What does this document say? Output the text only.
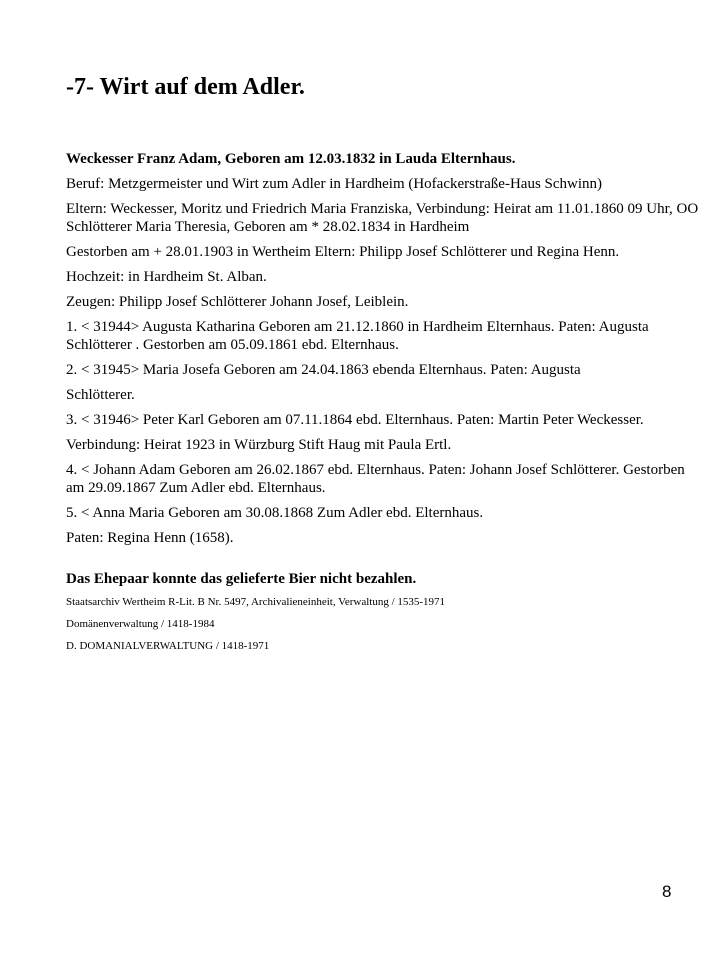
-7- Wirt auf dem Adler.

Weckesser Franz Adam, Geboren am 12.03.1832 in Lauda Elternhaus.

Beruf: Metzgermeister und Wirt zum Adler in Hardheim (Hofackerstraße-Haus Schwinn)

Eltern: Weckesser, Moritz und Friedrich Maria Franziska, Verbindung: Heirat am 11.01.1860 09 Uhr, OO Schlötterer Maria Theresia, Geboren am * 28.02.1834 in Hardheim

Gestorben am + 28.01.1903 in Wertheim Eltern: Philipp Josef Schlötterer und Regina Henn.

Hochzeit: in Hardheim St. Alban.

Zeugen: Philipp Josef Schlötterer Johann Josef, Leiblein.

1. < 31944> Augusta Katharina Geboren am 21.12.1860 in Hardheim Elternhaus. Paten: Augusta Schlötterer . Gestorben am 05.09.1861 ebd. Elternhaus.

2. < 31945> Maria Josefa Geboren am 24.04.1863 ebenda Elternhaus. Paten: Augusta

Schlötterer.

3. < 31946> Peter Karl Geboren am 07.11.1864 ebd. Elternhaus. Paten: Martin Peter Weckesser.

Verbindung: Heirat 1923 in Würzburg Stift Haug mit Paula Ertl.

4. < Johann Adam Geboren am 26.02.1867 ebd. Elternhaus. Paten: Johann Josef Schlötterer. Gestorben am 29.09.1867 Zum Adler ebd. Elternhaus.

5. < Anna Maria Geboren am 30.08.1868 Zum Adler ebd. Elternhaus.

Paten: Regina Henn (1658).

Das Ehepaar konnte das gelieferte Bier nicht bezahlen.

Staatsarchiv Wertheim R-Lit. B Nr. 5497, Archivalieneinheit, Verwaltung / 1535-1971

Domänenverwaltung / 1418-1984

D. DOMANIALVERWALTUNG / 1418-1971

8
